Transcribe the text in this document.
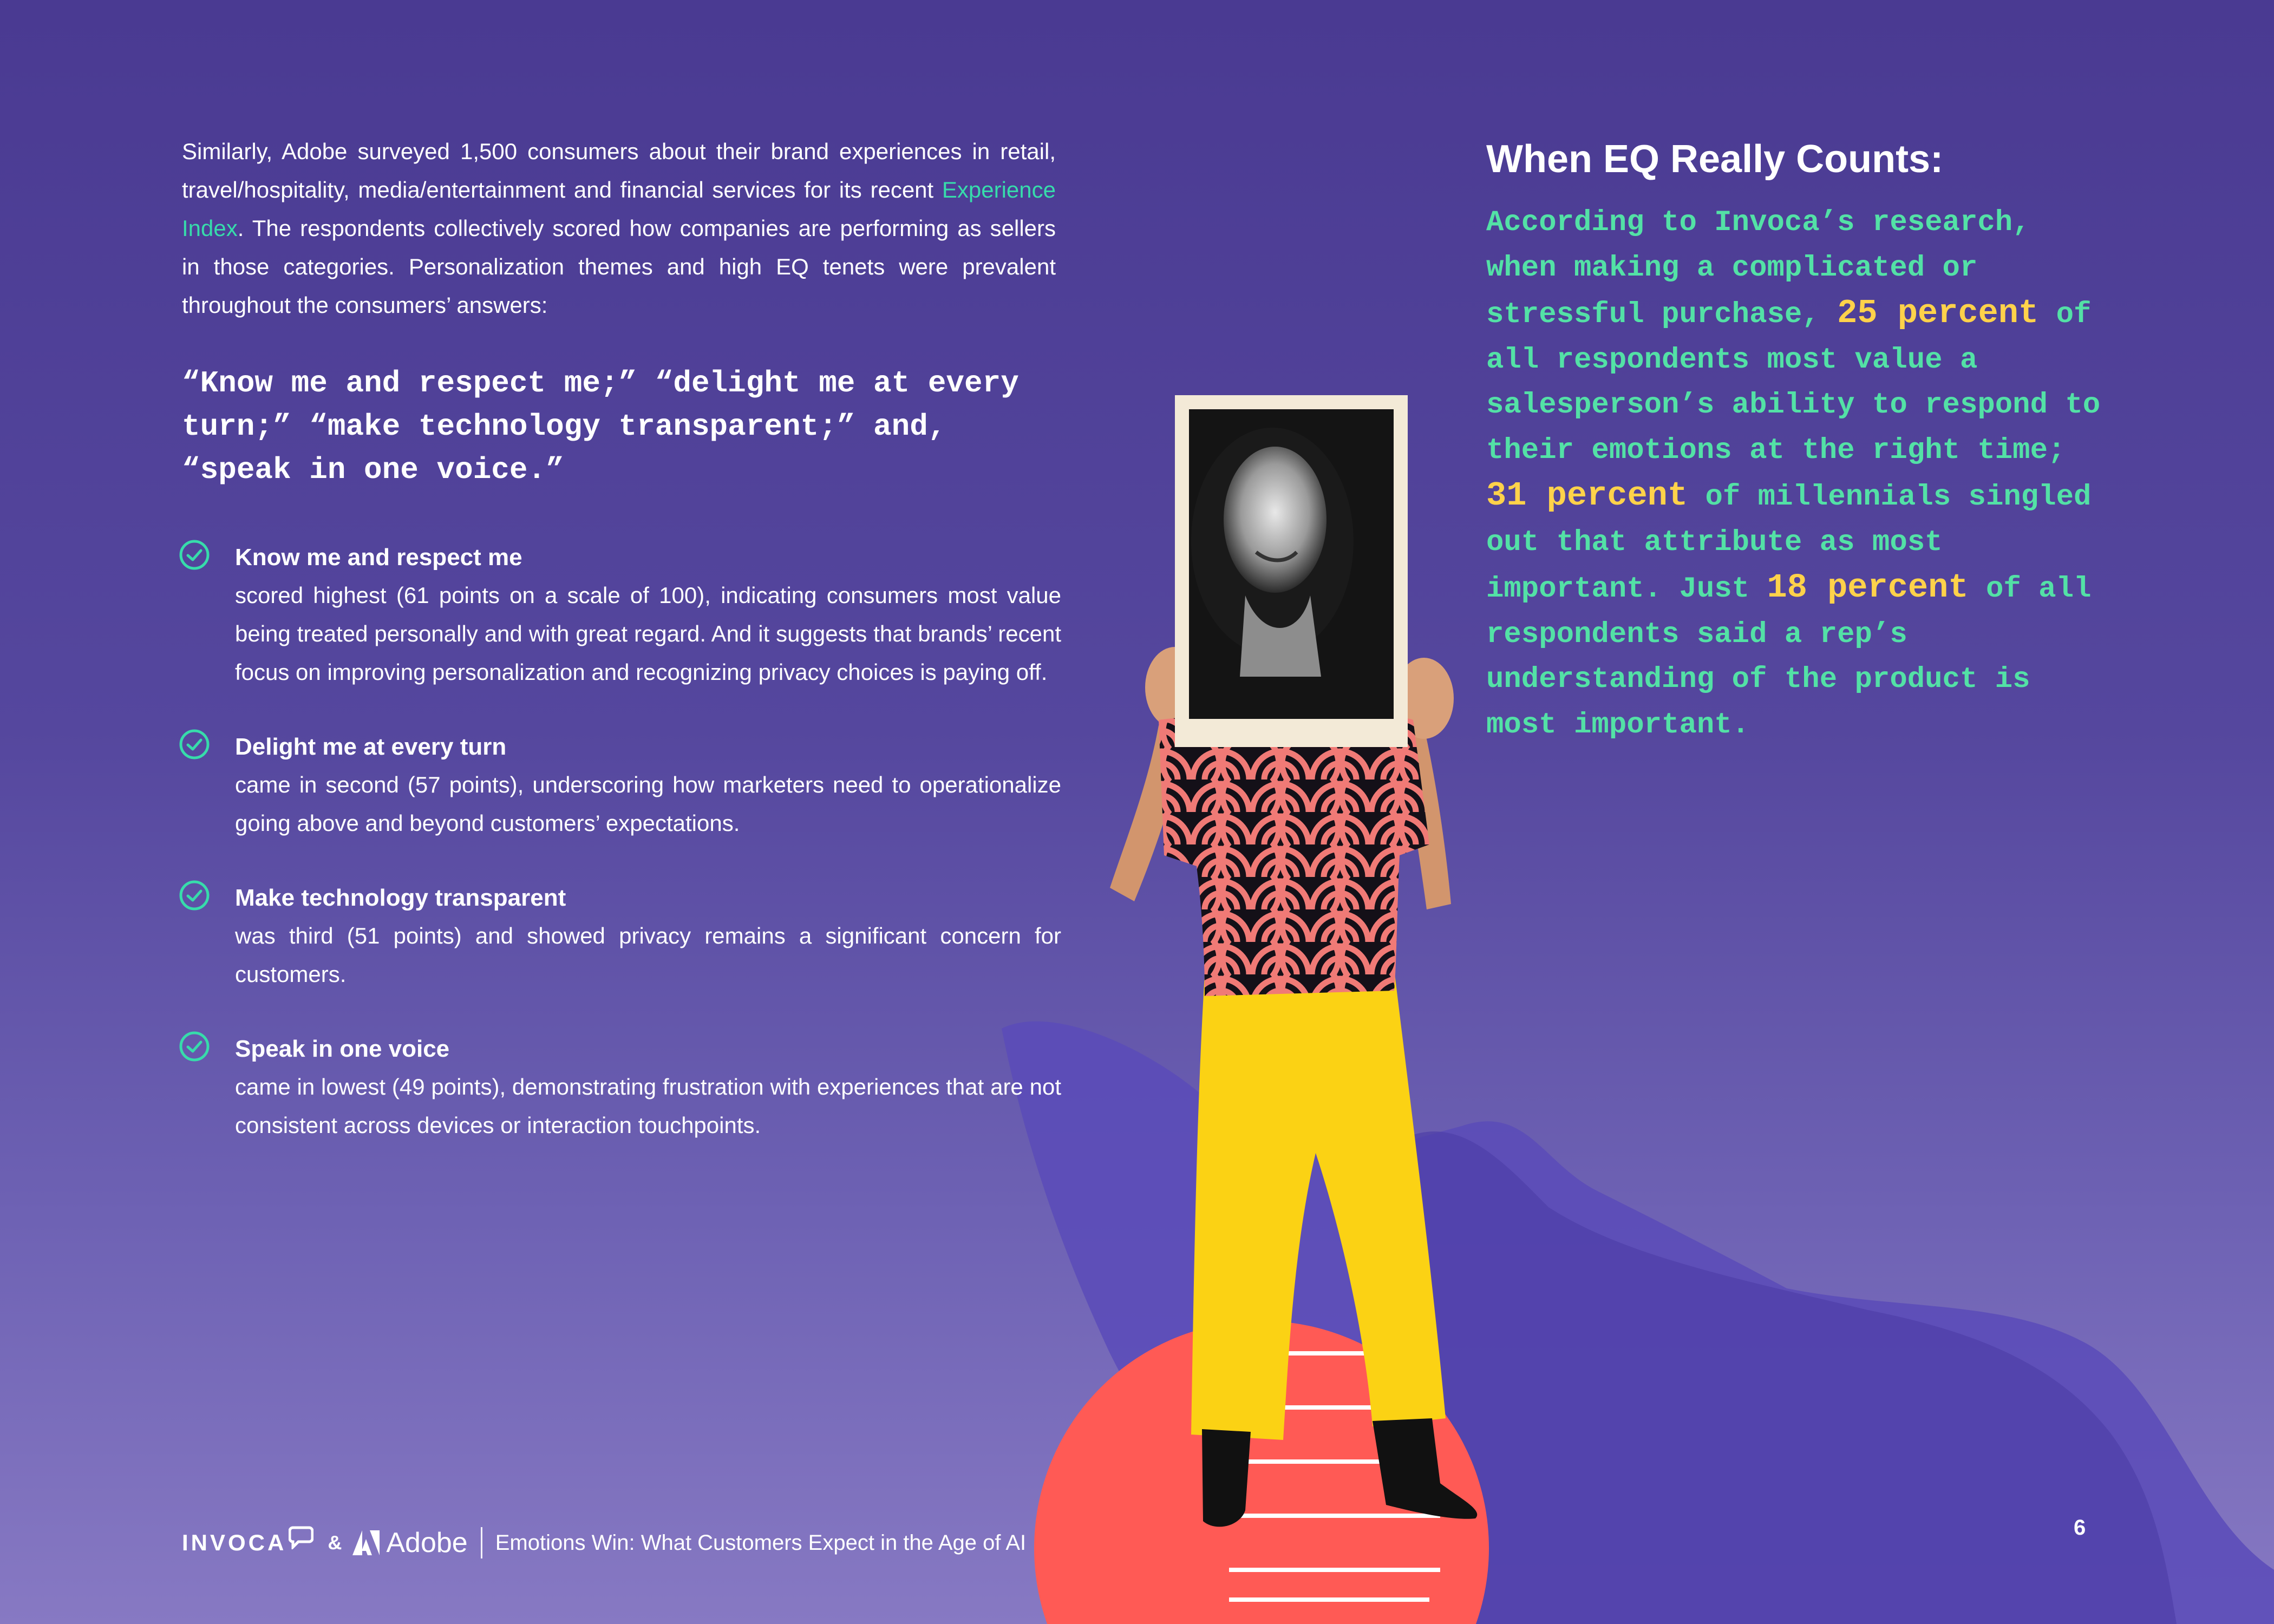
Similarly, Adobe surveyed 1,500 consumers about their brand experiences in retail, travel/hospitality, media/entertainment and financial services for its recent Experience Index. The respondents collectively scored how companies are performing as sellers in those categories. Personalization themes and high EQ tenets were prevalent throughout the consumers’ answers:
“Know me and respect me;” “delight me at every turn;” “make technology transparent;” and, “speak in one voice.”
Know me and respect me
scored highest (61 points on a scale of 100), indicating consumers most value being treated personally and with great regard. And it suggests that brands’ recent focus on improving personalization and recognizing privacy choices is paying off.
Delight me at every turn
came in second (57 points), underscoring how marketers need to operationalize going above and beyond customers’ expectations.
Make technology transparent
was third (51 points) and showed privacy remains a significant concern for customers.
Speak in one voice
came in lowest (49 points), demonstrating frustration with experiences that are not consistent across devices or interaction touchpoints.
When EQ Really Counts:
According to Invoca’s research, when making a complicated or stressful purchase, 25 percent of all respondents most value a salesperson’s ability to respond to their emotions at the right time; 31 percent of millennials singled out that attribute as most important. Just 18 percent of all respondents said a rep’s understanding of the product is most important.
INVOCA & Adobe Emotions Win: What Customers Expect in the Age of AI
6
